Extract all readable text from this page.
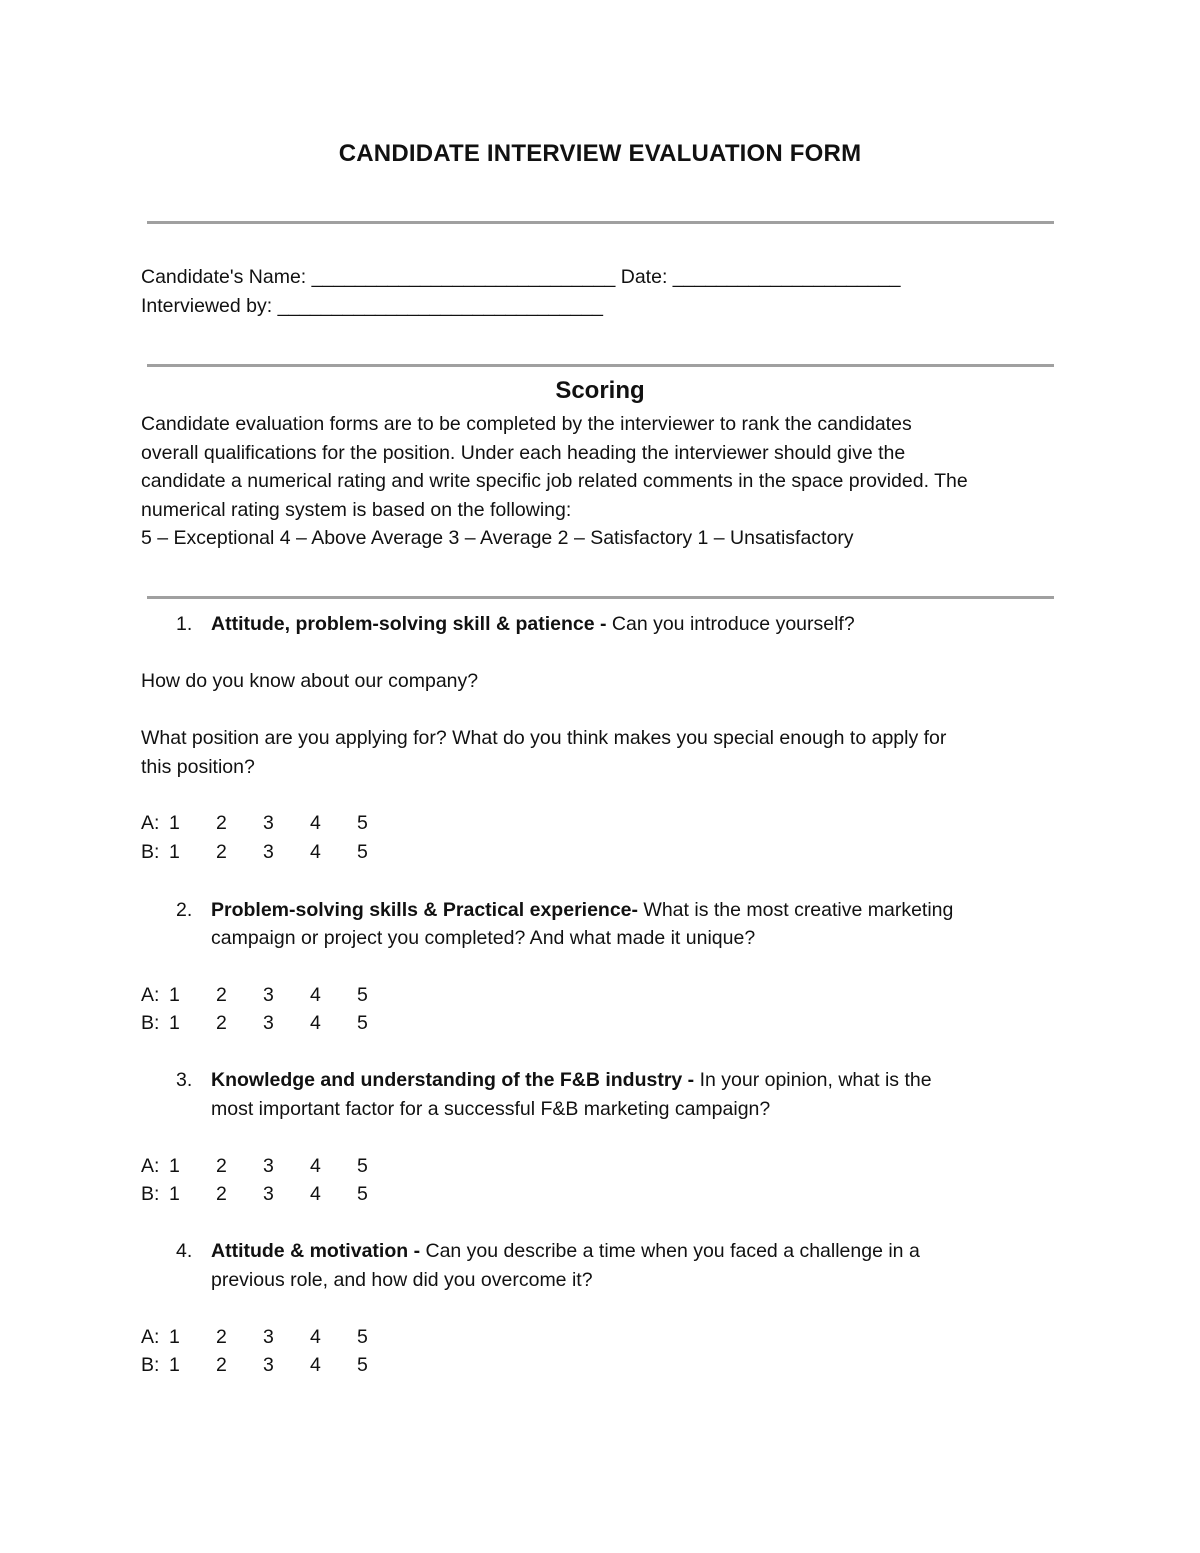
CANDIDATE INTERVIEW EVALUATION FORM
Candidate's Name: ____________________________ Date: _____________________
Interviewed by: ______________________________
Scoring
Candidate evaluation forms are to be completed by the interviewer to rank the candidates
overall qualifications for the position. Under each heading the interviewer should give the
candidate a numerical rating and write specific job related comments in the space provided. The
numerical rating system is based on the following:
5 – Exceptional 4 – Above Average 3 – Average 2 – Satisfactory 1 – Unsatisfactory
1. Attitude, problem-solving skill & patience - Can you introduce yourself?
How do you know about our company?
What position are you applying for? What do you think makes you special enough to apply for
this position?
A: 1 2 3 4 5
B: 1 2 3 4 5
2. Problem-solving skills & Practical experience- What is the most creative marketing
campaign or project you completed? And what made it unique?
A: 1 2 3 4 5
B: 1 2 3 4 5
3. Knowledge and understanding of the F&B industry - In your opinion, what is the
most important factor for a successful F&B marketing campaign?
A: 1 2 3 4 5
B: 1 2 3 4 5
4. Attitude & motivation - Can you describe a time when you faced a challenge in a
previous role, and how did you overcome it?
A: 1 2 3 4 5
B: 1 2 3 4 5
